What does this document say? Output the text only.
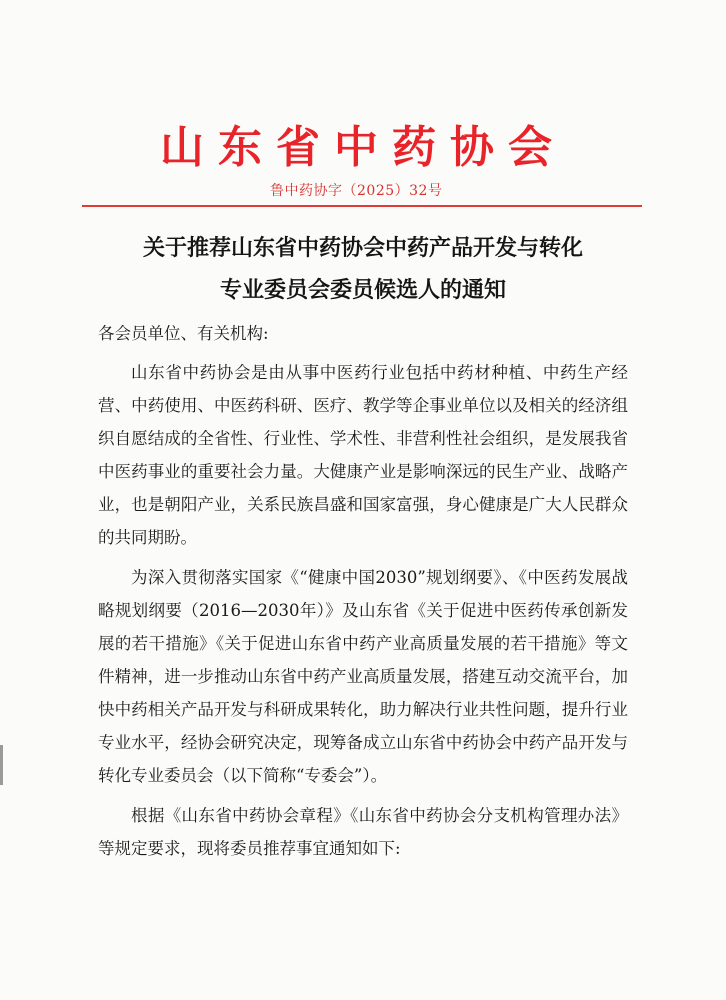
山东省中药协会
鲁中药协字（2025）32号
关于推荐山东省中药协会中药产品开发与转化
专业委员会委员候选人的通知
各会员单位、有关机构:

山东省中药协会是由从事中医药行业包括中药材种植、中药生产经营、中药使用、中医药科研、医疗、教学等企事业单位以及相关的经济组织自愿结成的全省性、行业性、学术性、非营利性社会组织，是发展我省中医药事业的重要社会力量。大健康产业是影响深远的民生产业、战略产业，也是朝阳产业，关系民族昌盛和国家富强，身心健康是广大人民群众的共同期盼。

为深入贯彻落实国家《“健康中国2030”规划纲要》、《中医药发展战略规划纲要（2016—2030年）》及山东省《关于促进中医药传承创新发展的若干措施》《关于促进山东省中药产业高质量发展的若干措施》等文件精神，进一步推动山东省中药产业高质量发展，搭建互动交流平台，加快中药相关产品开发与科研成果转化，助力解决行业共性问题，提升行业专业水平，经协会研究决定，现筹备成立山东省中药协会中药产品开发与转化专业委员会（以下简称“专委会”）。

根据《山东省中药协会章程》《山东省中药协会分支机构管理办法》等规定要求，现将委员推荐事宜通知如下:
